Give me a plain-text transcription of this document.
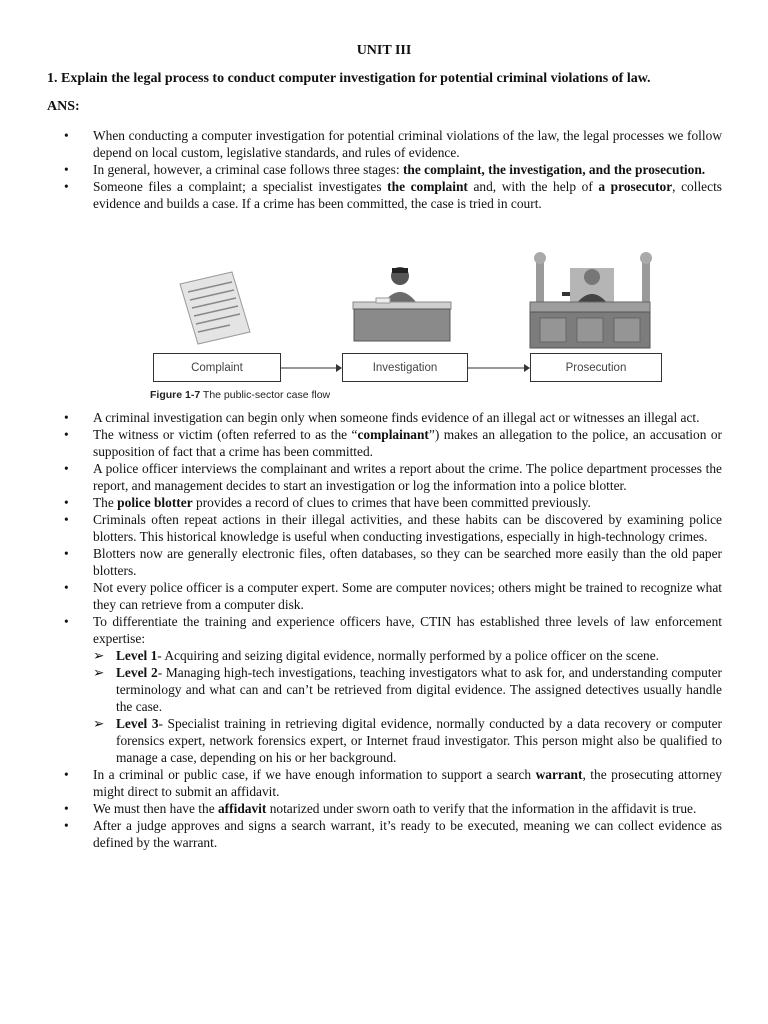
UNIT III
1. Explain the legal process to conduct computer investigation for potential criminal violations of law.
ANS:
• When conducting a computer investigation for potential criminal violations of the law, the legal processes we follow depend on local custom, legislative standards, and rules of evidence.
• In general, however, a criminal case follows three stages: the complaint, the investigation, and the prosecution.
• Someone files a complaint; a specialist investigates the complaint and, with the help of a prosecutor, collects evidence and builds a case. If a crime has been committed, the case is tried in court.
Complaint	Investigation	Prosecution
Figure 1-7 The public-sector case flow
• A criminal investigation can begin only when someone finds evidence of an illegal act or witnesses an illegal act.
• The witness or victim (often referred to as the “complainant”) makes an allegation to the police, an accusation or supposition of fact that a crime has been committed.
• A police officer interviews the complainant and writes a report about the crime. The police department processes the report, and management decides to start an investigation or log the information into a police blotter.
• The police blotter provides a record of clues to crimes that have been committed previously.
• Criminals often repeat actions in their illegal activities, and these habits can be discovered by examining police blotters. This historical knowledge is useful when conducting investigations, especially in high-technology crimes.
• Blotters now are generally electronic files, often databases, so they can be searched more easily than the old paper blotters.
• Not every police officer is a computer expert. Some are computer novices; others might be trained to recognize what they can retrieve from a computer disk.
• To differentiate the training and experience officers have, CTIN has established three levels of law enforcement expertise:
➢ Level 1- Acquiring and seizing digital evidence, normally performed by a police officer on the scene.
➢ Level 2- Managing high-tech investigations, teaching investigators what to ask for, and understanding computer terminology and what can and can’t be retrieved from digital evidence. The assigned detectives usually handle the case.
➢ Level 3- Specialist training in retrieving digital evidence, normally conducted by a data recovery or computer forensics expert, network forensics expert, or Internet fraud investigator. This person might also be qualified to manage a case, depending on his or her background.
• In a criminal or public case, if we have enough information to support a search warrant, the prosecuting attorney might direct to submit an affidavit.
• We must then have the affidavit notarized under sworn oath to verify that the information in the affidavit is true.
• After a judge approves and signs a search warrant, it’s ready to be executed, meaning we can collect evidence as defined by the warrant.
